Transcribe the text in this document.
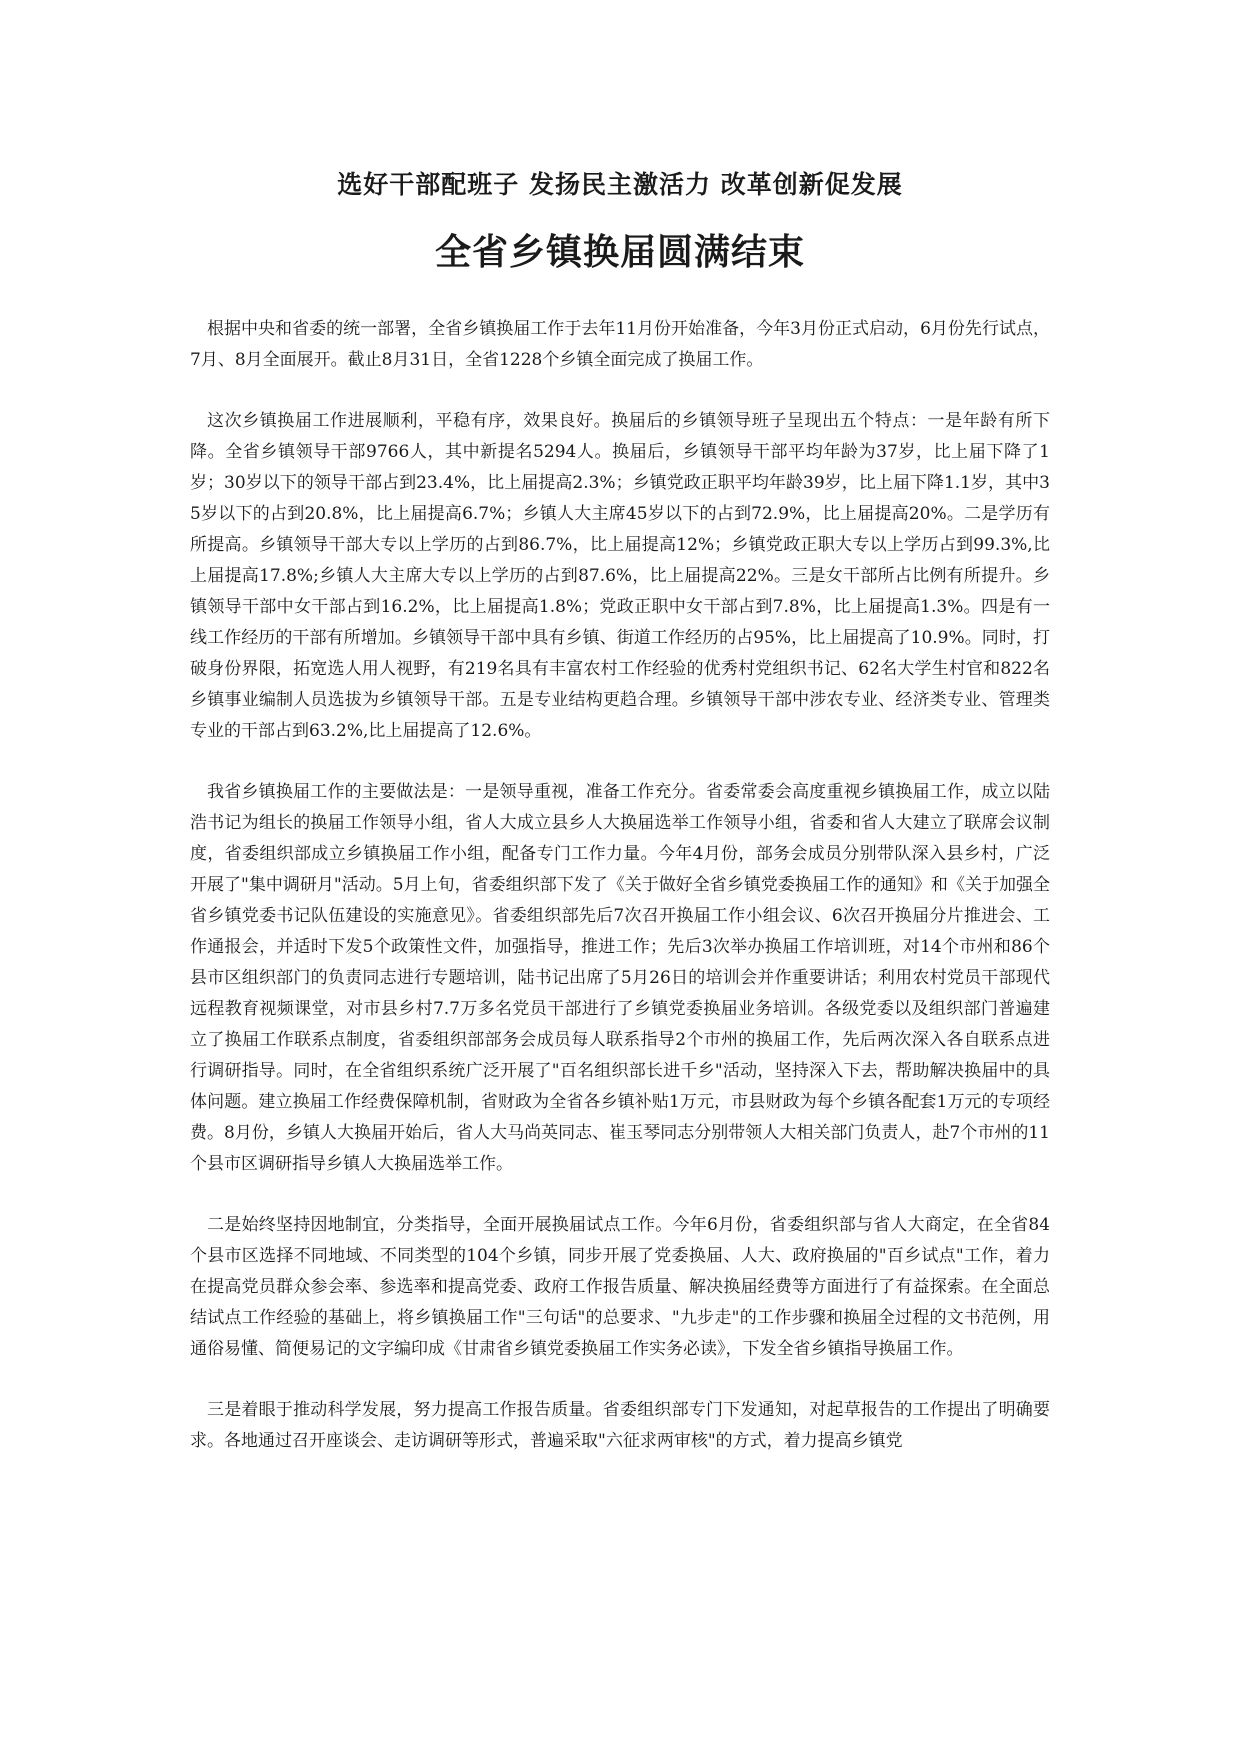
选好干部配班子 发扬民主激活力 改革创新促发展
全省乡镇换届圆满结束

根据中央和省委的统一部署，全省乡镇换届工作于去年11月份开始准备，今年3月份正式启动，6月份先行试点，7月、8月全面展开。截止8月31日，全省1228个乡镇全面完成了换届工作。

这次乡镇换届工作进展顺利，平稳有序，效果良好。换届后的乡镇领导班子呈现出五个特点：一是年龄有所下降。全省乡镇领导干部9766人，其中新提名5294人。换届后，乡镇领导干部平均年龄为37岁，比上届下降了1岁；30岁以下的领导干部占到23.4%，比上届提高2.3%；乡镇党政正职平均年龄39岁，比上届下降1.1岁，其中35岁以下的占到20.8%，比上届提高6.7%；乡镇人大主席45岁以下的占到72.9%，比上届提高20%。二是学历有所提高。乡镇领导干部大专以上学历的占到86.7%，比上届提高12%；乡镇党政正职大专以上学历占到99.3%,比上届提高17.8%;乡镇人大主席大专以上学历的占到87.6%，比上届提高22%。三是女干部所占比例有所提升。乡镇领导干部中女干部占到16.2%，比上届提高1.8%；党政正职中女干部占到7.8%，比上届提高1.3%。四是有一线工作经历的干部有所增加。乡镇领导干部中具有乡镇、街道工作经历的占95%，比上届提高了10.9%。同时，打破身份界限，拓宽选人用人视野，有219名具有丰富农村工作经验的优秀村党组织书记、62名大学生村官和822名乡镇事业编制人员选拔为乡镇领导干部。五是专业结构更趋合理。乡镇领导干部中涉农专业、经济类专业、管理类专业的干部占到63.2%,比上届提高了12.6%。

我省乡镇换届工作的主要做法是：一是领导重视，准备工作充分。省委常委会高度重视乡镇换届工作，成立以陆浩书记为组长的换届工作领导小组，省人大成立县乡人大换届选举工作领导小组，省委和省人大建立了联席会议制度，省委组织部成立乡镇换届工作小组，配备专门工作力量。今年4月份，部务会成员分别带队深入县乡村，广泛开展了"集中调研月"活动。5月上旬，省委组织部下发了《关于做好全省乡镇党委换届工作的通知》和《关于加强全省乡镇党委书记队伍建设的实施意见》。省委组织部先后7次召开换届工作小组会议、6次召开换届分片推进会、工作通报会，并适时下发5个政策性文件，加强指导，推进工作；先后3次举办换届工作培训班，对14个市州和86个县市区组织部门的负责同志进行专题培训，陆书记出席了5月26日的培训会并作重要讲话；利用农村党员干部现代远程教育视频课堂，对市县乡村7.7万多名党员干部进行了乡镇党委换届业务培训。各级党委以及组织部门普遍建立了换届工作联系点制度，省委组织部部务会成员每人联系指导2个市州的换届工作，先后两次深入各自联系点进行调研指导。同时，在全省组织系统广泛开展了"百名组织部长进千乡"活动，坚持深入下去，帮助解决换届中的具体问题。建立换届工作经费保障机制，省财政为全省各乡镇补贴1万元，市县财政为每个乡镇各配套1万元的专项经费。8月份，乡镇人大换届开始后，省人大马尚英同志、崔玉琴同志分别带领人大相关部门负责人，赴7个市州的11个县市区调研指导乡镇人大换届选举工作。

二是始终坚持因地制宜，分类指导，全面开展换届试点工作。今年6月份，省委组织部与省人大商定，在全省84个县市区选择不同地域、不同类型的104个乡镇，同步开展了党委换届、人大、政府换届的"百乡试点"工作，着力在提高党员群众参会率、参选率和提高党委、政府工作报告质量、解决换届经费等方面进行了有益探索。在全面总结试点工作经验的基础上，将乡镇换届工作"三句话"的总要求、"九步走"的工作步骤和换届全过程的文书范例，用通俗易懂、简便易记的文字编印成《甘肃省乡镇党委换届工作实务必读》，下发全省乡镇指导换届工作。

三是着眼于推动科学发展，努力提高工作报告质量。省委组织部专门下发通知，对起草报告的工作提出了明确要求。各地通过召开座谈会、走访调研等形式，普遍采取"六征求两审核"的方式，着力提高乡镇党
